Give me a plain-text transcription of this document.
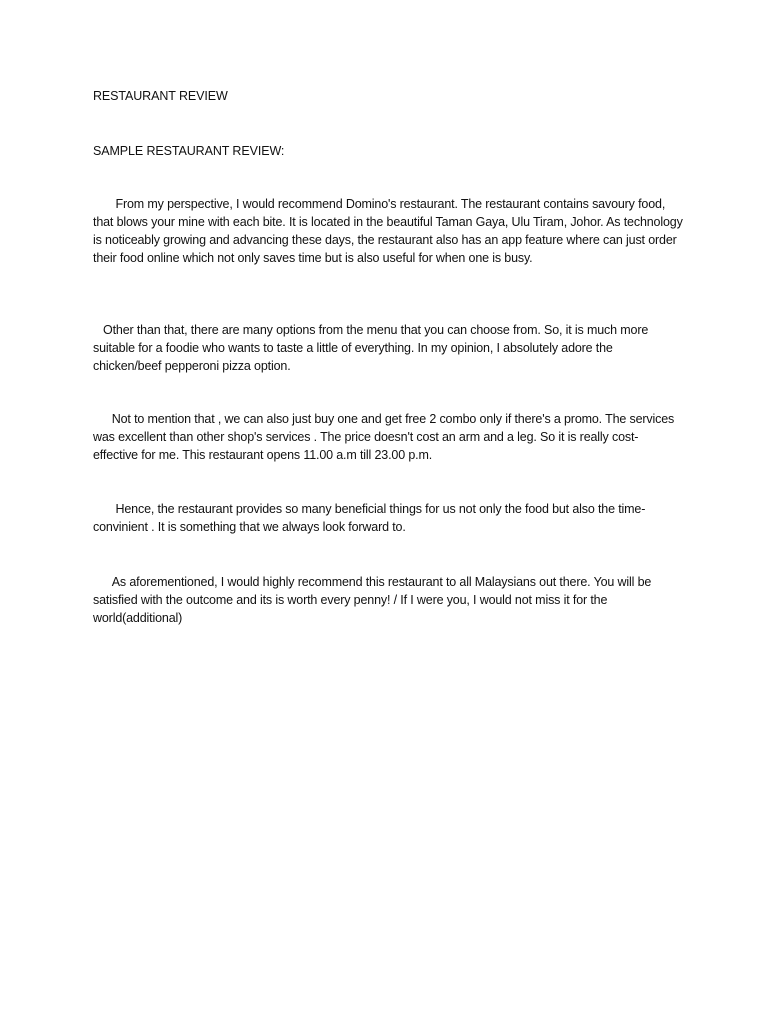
RESTAURANT REVIEW
SAMPLE RESTAURANT REVIEW:

From my perspective, I would recommend Domino's restaurant. The restaurant contains savoury food, that blows your mine with each bite. It is located in the beautiful Taman Gaya, Ulu Tiram, Johor. As technology is noticeably growing and advancing these days, the restaurant also has an app feature where can just order their food online which not only saves time but is also useful for when one is busy.

Other than that, there are many options from the menu that you can choose from. So, it is much more suitable for a foodie who wants to taste a little of everything. In my opinion, I absolutely adore the chicken/beef pepperoni pizza option.

Not to mention that , we can also just buy one and get free 2 combo only if there's a promo. The services was excellent than other shop's services . The price doesn't cost an arm and a leg. So it is really cost-effective for me. This restaurant opens 11.00 a.m till 23.00 p.m.

Hence, the restaurant provides so many beneficial things for us not only the food but also the time-convinient . It is something that we always look forward to.

As aforementioned, I would highly recommend this restaurant to all Malaysians out there. You will be satisfied with the outcome and its is worth every penny! / If I were you, I would not miss it for the world(additional)
